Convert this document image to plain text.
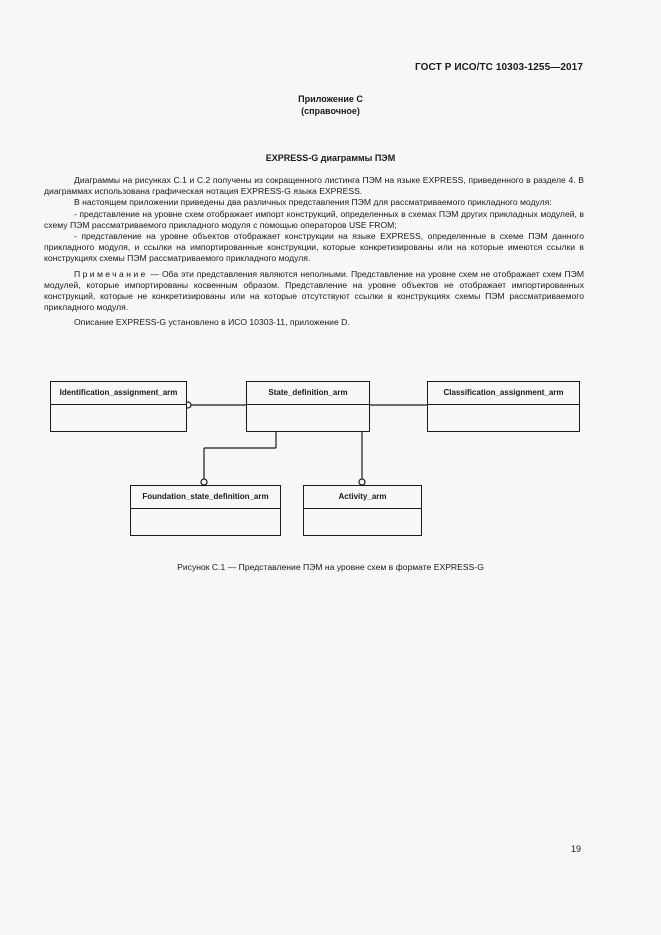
ГОСТ Р ИСО/ТС 10303-1255—2017
Приложение С
(справочное)
EXPRESS-G диаграммы ПЭМ

Диаграммы на рисунках С.1 и С.2 получены из сокращенного листинга ПЭМ на языке EXPRESS, приведенного в разделе 4. В диаграммах использована графическая нотация EXPRESS-G языка EXPRESS.

В настоящем приложении приведены два различных представления ПЭМ для рассматриваемого прикладного модуля:

- представление на уровне схем отображает импорт конструкций, определенных в схемах ПЭМ других прикладных модулей, в схему ПЭМ рассматриваемого прикладного модуля с помощью операторов USE FROM;

- представление на уровне объектов отображает конструкции на языке EXPRESS, определенные в схеме ПЭМ данного прикладного модуля, и ссылки на импортированные конструкции, которые конкретизированы или на которые имеются ссылки в конструкциях схемы ПЭМ рассматриваемого прикладного модуля.

Примечание — Оба эти представления являются неполными. Представление на уровне схем не отображает схем ПЭМ модулей, которые импортированы косвенным образом. Представление на уровне объектов не отображает импортированных конструкций, которые не конкретизированы или на которые отсутствуют ссылки в конструкциях схемы ПЭМ рассматриваемого прикладного модуля.

Описание EXPRESS-G установлено в ИСО 10303-11, приложение D.

Identification_assignment_arm	State_definition_arm	Classification_assignment_arm
Foundation_state_definition_arm	Activity_arm
Рисунок С.1 — Представление ПЭМ на уровне схем в формате EXPRESS-G
19
